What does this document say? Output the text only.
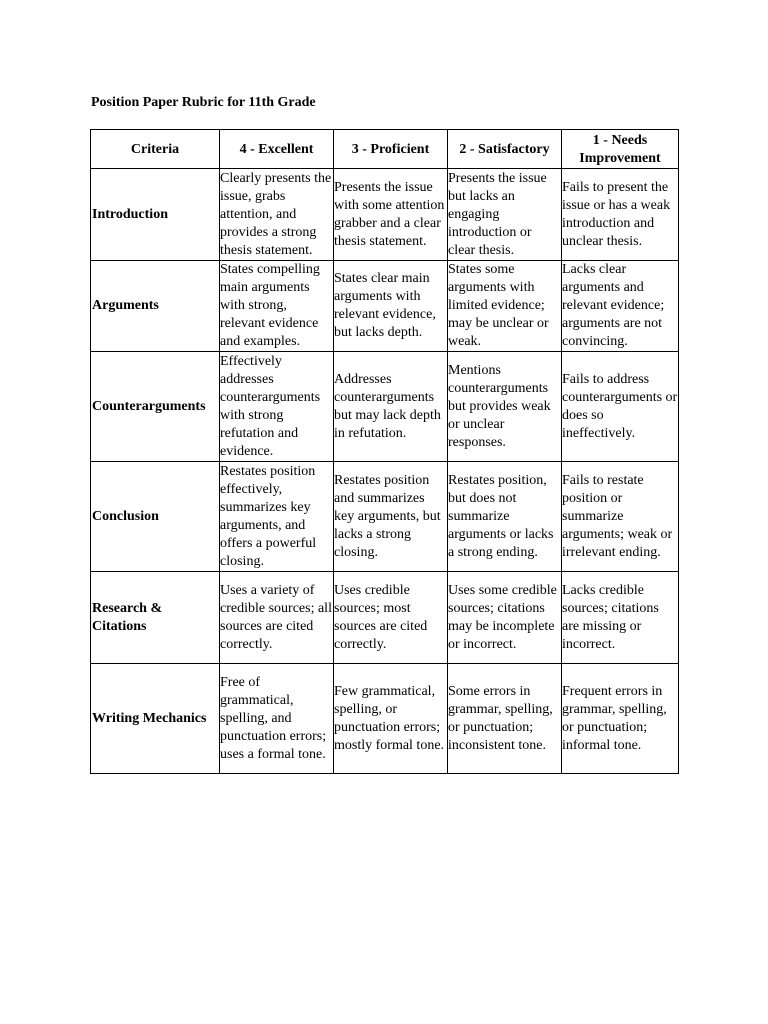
Position Paper Rubric for 11th Grade
Criteria	4 - Excellent	3 - Proficient	2 - Satisfactory	1 - Needs Improvement
Introduction	Clearly presents the issue, grabs attention, and provides a strong thesis statement.	Presents the issue with some attention grabber and a clear thesis statement.	Presents the issue but lacks an engaging introduction or clear thesis.	Fails to present the issue or has a weak introduction and unclear thesis.
Arguments	States compelling main arguments with strong, relevant evidence and examples.	States clear main arguments with relevant evidence, but lacks depth.	States some arguments with limited evidence; may be unclear or weak.	Lacks clear arguments and relevant evidence; arguments are not convincing.
Counterarguments	Effectively addresses counterarguments with strong refutation and evidence.	Addresses counterarguments but may lack depth in refutation.	Mentions counterarguments but provides weak or unclear responses.	Fails to address counterarguments or does so ineffectively.
Conclusion	Restates position effectively, summarizes key arguments, and offers a powerful closing.	Restates position and summarizes key arguments, but lacks a strong closing.	Restates position, but does not summarize arguments or lacks a strong ending.	Fails to restate position or summarize arguments; weak or irrelevant ending.
Research & Citations	Uses a variety of credible sources; all sources are cited correctly.	Uses credible sources; most sources are cited correctly.	Uses some credible sources; citations may be incomplete or incorrect.	Lacks credible sources; citations are missing or incorrect.
Writing Mechanics	Free of grammatical, spelling, and punctuation errors; uses a formal tone.	Few grammatical, spelling, or punctuation errors; mostly formal tone.	Some errors in grammar, spelling, or punctuation; inconsistent tone.	Frequent errors in grammar, spelling, or punctuation; informal tone.
